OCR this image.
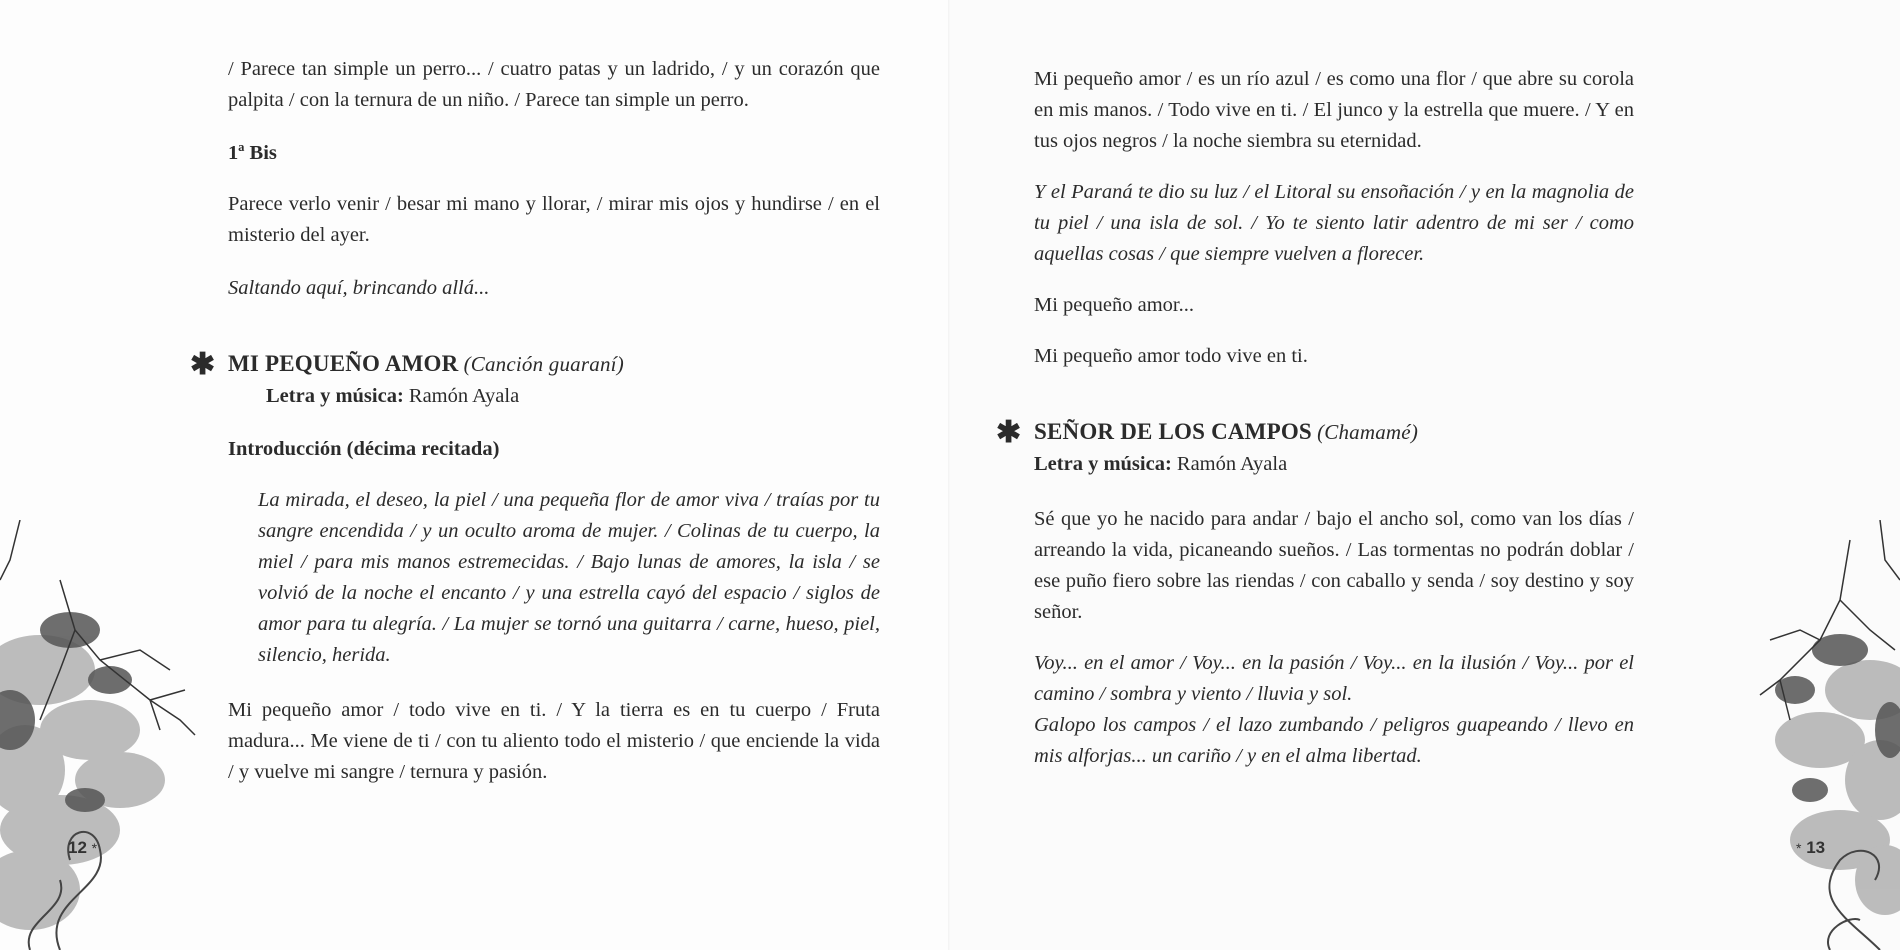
/ Parece tan simple un perro... / cuatro patas y un ladrido, / y un corazón que palpita / con la ternura de un niño. / Parece tan simple un perro.

1ª Bis

Parece verlo venir / besar mi mano y llorar, / mirar mis ojos y hundirse / en el misterio del ayer.

Saltando aquí, brincando allá...

✱ MI PEQUEÑO AMOR (Canción guaraní)
Letra y música: Ramón Ayala

Introducción (décima recitada)

La mirada, el deseo, la piel / una pequeña flor de amor viva / traías por tu sangre encendida / y un oculto aroma de mujer. / Colinas de tu cuerpo, la miel / para mis manos estremecidas. / Bajo lunas de amores, la isla / se volvió de la noche el encanto / y una estrella cayó del espacio / siglos de amor para tu alegría. / La mujer se tornó una guitarra / carne, hueso, piel, silencio, herida.

Mi pequeño amor / todo vive en ti. / Y la tierra es en tu cuerpo / Fruta madura... Me viene de ti / con tu aliento todo el misterio / que enciende la vida / y vuelve mi sangre / ternura y pasión.

12 *

Mi pequeño amor / es un río azul / es como una flor / que abre su corola en mis manos. / Todo vive en ti. / El junco y la estrella que muere. / Y en tus ojos negros / la noche siembra su eternidad.

Y el Paraná te dio su luz / el Litoral su ensoñación / y en la magnolia de tu piel / una isla de sol. / Yo te siento latir adentro de mi ser / como aquellas cosas / que siempre vuelven a florecer.

Mi pequeño amor...

Mi pequeño amor todo vive en ti.

✱ SEÑOR DE LOS CAMPOS (Chamamé)
Letra y música: Ramón Ayala

Sé que yo he nacido para andar / bajo el ancho sol, como van los días / arreando la vida, picaneando sueños. / Las tormentas no podrán doblar / ese puño fiero sobre las riendas / con caballo y senda / soy destino y soy señor.

Voy... en el amor / Voy... en la pasión / Voy... en la ilusión / Voy... por el camino / sombra y viento / lluvia y sol.

Galopo los campos / el lazo zumbando / peligros guapeando / llevo en mis alforjas... un cariño / y en el alma libertad.

* 13
